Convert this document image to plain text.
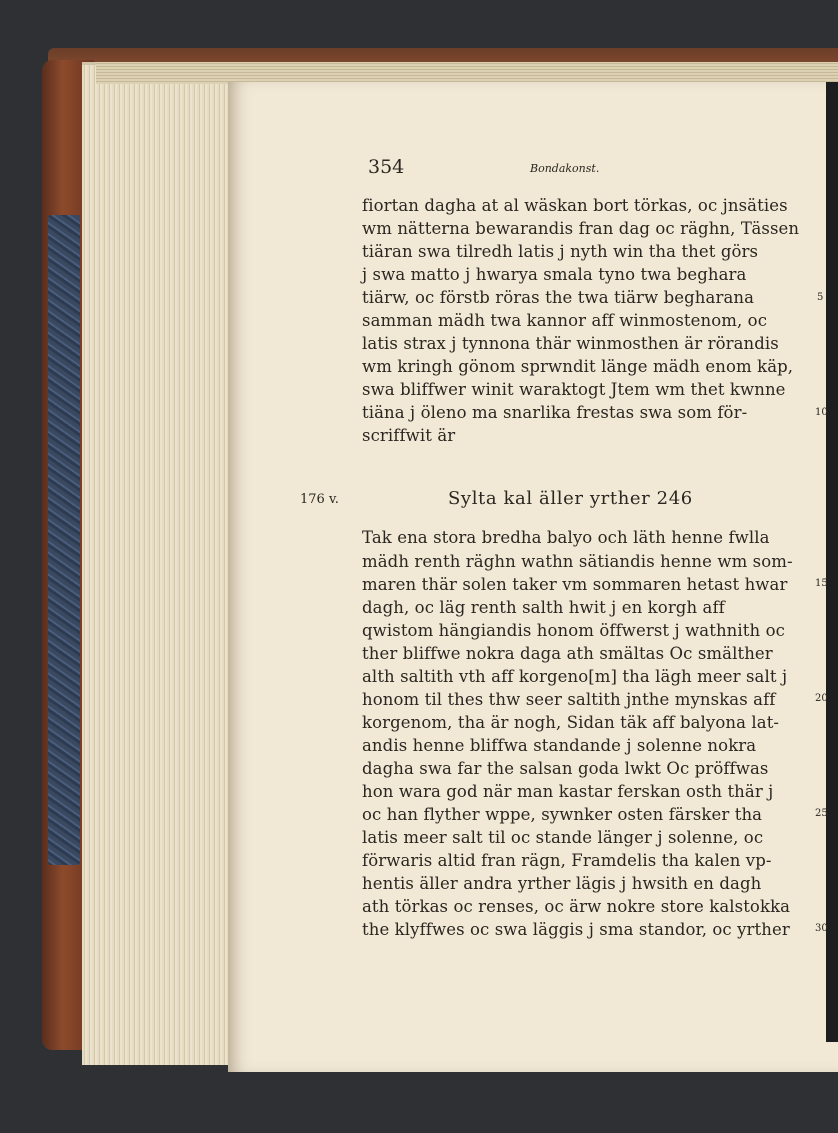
354	Bondakonst.
fiortan dagha at al wäskan bort törkas, oc jnsäties
wm nätterna bewarandis fran dag oc räghn, Tässen
tiäran swa tilredh latis j nyth win tha thet görs
j swa matto j hwarya smala tyno twa beghara
tiärw, oc förstb röras the twa tiärw begharana
samman mädh twa kannor aff winmostenom, oc
latis strax j tynnona thär winmosthen är rörandis
wm kringh gönom sprwndit länge mädh enom käp,
swa bliffwer winit waraktogt Jtem wm thet kwnne
tiäna j öleno ma snarlika frestas swa som för-
scriffwit är
176 v.	Sylta kal äller yrther 246
Tak ena stora bredha balyo och läth henne fwlla
mädh renth räghn wathn sätiandis henne wm som-
maren thär solen taker vm sommaren hetast hwar
dagh, oc läg renth salth hwit j en korgh aff
qwistom hängiandis honom öffwerst j wathnith oc
ther bliffwe nokra daga ath smältas Oc smälther
alth saltith vth aff korgeno[m] tha lägh meer salt j
honom til thes thw seer saltith jnthe mynskas aff
korgenom, tha är nogh, Sidan täk aff balyona lat-
andis henne bliffwa standande j solenne nokra
dagha swa far the salsan goda lwkt Oc pröffwas
hon wara god när man kastar ferskan osth thär j
oc han flyther wppe, sywnker osten färsker tha
latis meer salt til oc stande länger j solenne, oc
förwaris altid fran rägn, Framdelis tha kalen vp-
hentis äller andra yrther lägis j hwsith en dagh
ath törkas oc renses, oc ärw nokre store kalstokka
the klyffwes oc swa läggis j sma standor, oc yrther
5
10
15
20
25
30
